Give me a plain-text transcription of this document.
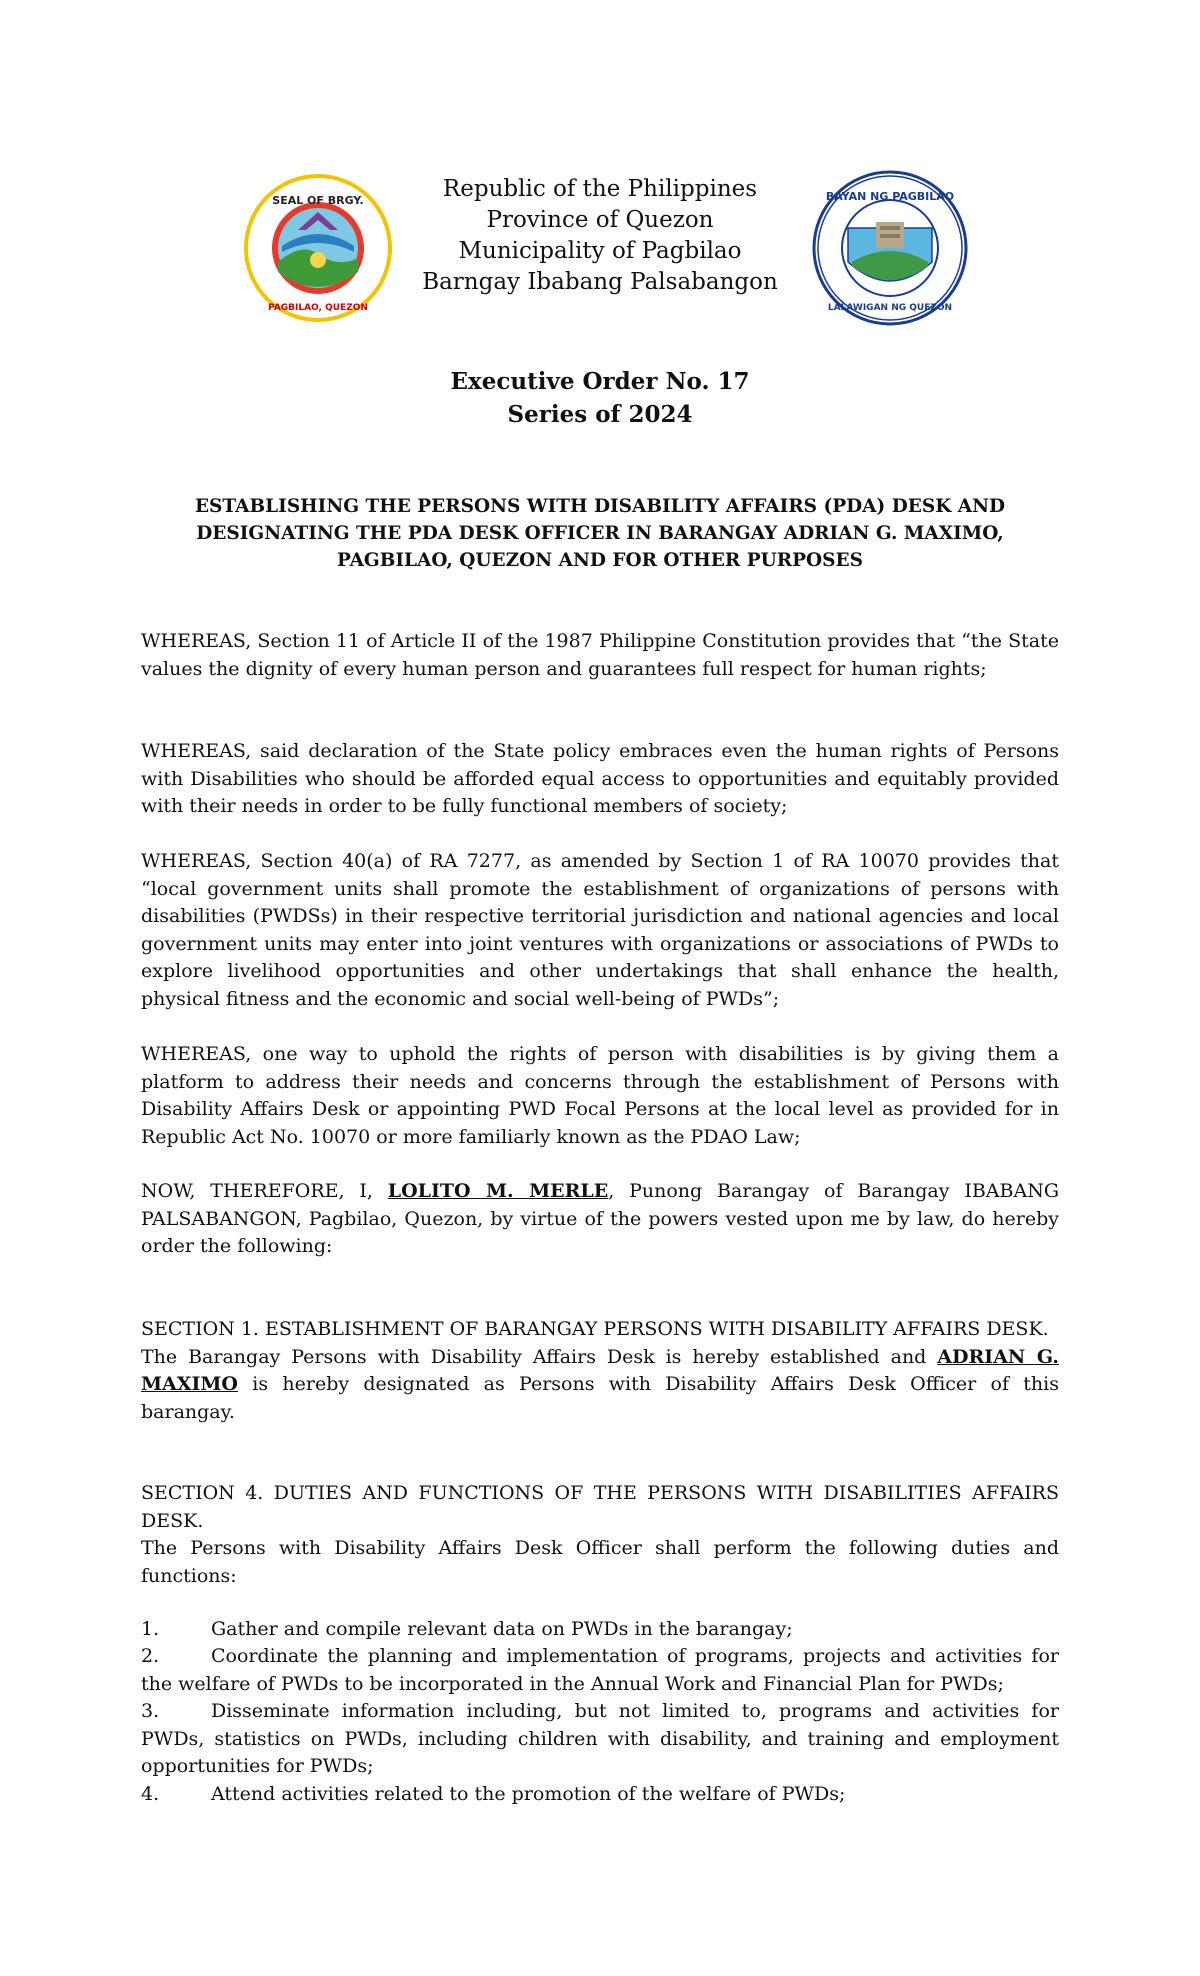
SEAL OF BRGY.
PAGBILAO, QUEZON
Republic of the Philippines
Province of Quezon
Municipality of Pagbilao
Barngay Ibabang Palsabangon
BAYAN NG PAGBILAO
LALAWIGAN NG QUEZON
Executive Order No. 17
Series of 2024
ESTABLISHING THE PERSONS WITH DISABILITY AFFAIRS (PDA) DESK AND
DESIGNATING THE PDA DESK OFFICER IN BARANGAY ADRIAN G. MAXIMO,
PAGBILAO, QUEZON AND FOR OTHER PURPOSES
WHEREAS, Section 11 of Article II of the 1987 Philippine Constitution provides that “the State values the dignity of every human person and guarantees full respect for human rights;
WHEREAS, said declaration of the State policy embraces even the human rights of Persons with Disabilities who should be afforded equal access to opportunities and equitably provided with their needs in order to be fully functional members of society;
WHEREAS, Section 40(a) of RA 7277, as amended by Section 1 of RA 10070 provides that “local government units shall promote the establishment of organizations of persons with disabilities (PWDSs) in their respective territorial jurisdiction and national agencies and local government units may enter into joint ventures with organizations or associations of PWDs to explore livelihood opportunities and other undertakings that shall enhance the health, physical fitness and the economic and social well-being of PWDs”;
WHEREAS, one way to uphold the rights of person with disabilities is by giving them a platform to address their needs and concerns through the establishment of Persons with Disability Affairs Desk or appointing PWD Focal Persons at the local level as provided for in Republic Act No. 10070 or more familiarly known as the PDAO Law;
NOW, THEREFORE, I, LOLITO M. MERLE, Punong Barangay of Barangay IBABANG PALSABANGON, Pagbilao, Quezon, by virtue of the powers vested upon me by law, do hereby order the following:
SECTION 1. ESTABLISHMENT OF BARANGAY PERSONS WITH DISABILITY AFFAIRS DESK.
The Barangay Persons with Disability Affairs Desk is hereby established and ADRIAN G. MAXIMO is hereby designated as Persons with Disability Affairs Desk Officer of this barangay.
SECTION 4. DUTIES AND FUNCTIONS OF THE PERSONS WITH DISABILITIES AFFAIRS DESK.
The Persons with Disability Affairs Desk Officer shall perform the following duties and functions:
1.	Gather and compile relevant data on PWDs in the barangay;
2.	Coordinate the planning and implementation of programs, projects and activities for the welfare of PWDs to be incorporated in the Annual Work and Financial Plan for PWDs;
3.	Disseminate information including, but not limited to, programs and activities for PWDs, statistics on PWDs, including children with disability, and training and employment opportunities for PWDs;
4.	Attend activities related to the promotion of the welfare of PWDs;
